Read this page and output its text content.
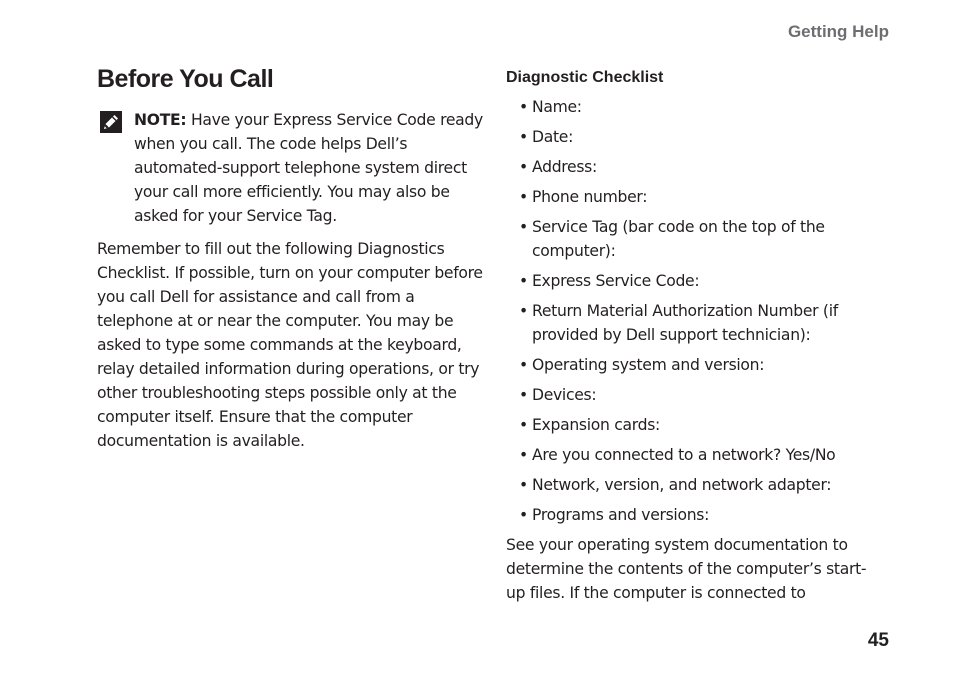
Getting Help
Before You Call
NOTE: Have your Express Service Code ready when you call. The code helps Dell’s automated-support telephone system direct your call more efficiently. You may also be asked for your Service Tag.
Remember to fill out the following Diagnostics Checklist. If possible, turn on your computer before you call Dell for assistance and call from a telephone at or near the computer. You may be asked to type some commands at the keyboard, relay detailed information during operations, or try other troubleshooting steps possible only at the computer itself. Ensure that the computer documentation is available.
Diagnostic Checklist
• Name:
• Date:
• Address:
• Phone number:
• Service Tag (bar code on the top of the computer):
• Express Service Code:
• Return Material Authorization Number (if provided by Dell support technician):
• Operating system and version:
• Devices:
• Expansion cards:
• Are you connected to a network? Yes/No
• Network, version, and network adapter:
• Programs and versions:
See your operating system documentation to determine the contents of the computer’s start-up files. If the computer is connected to
45
